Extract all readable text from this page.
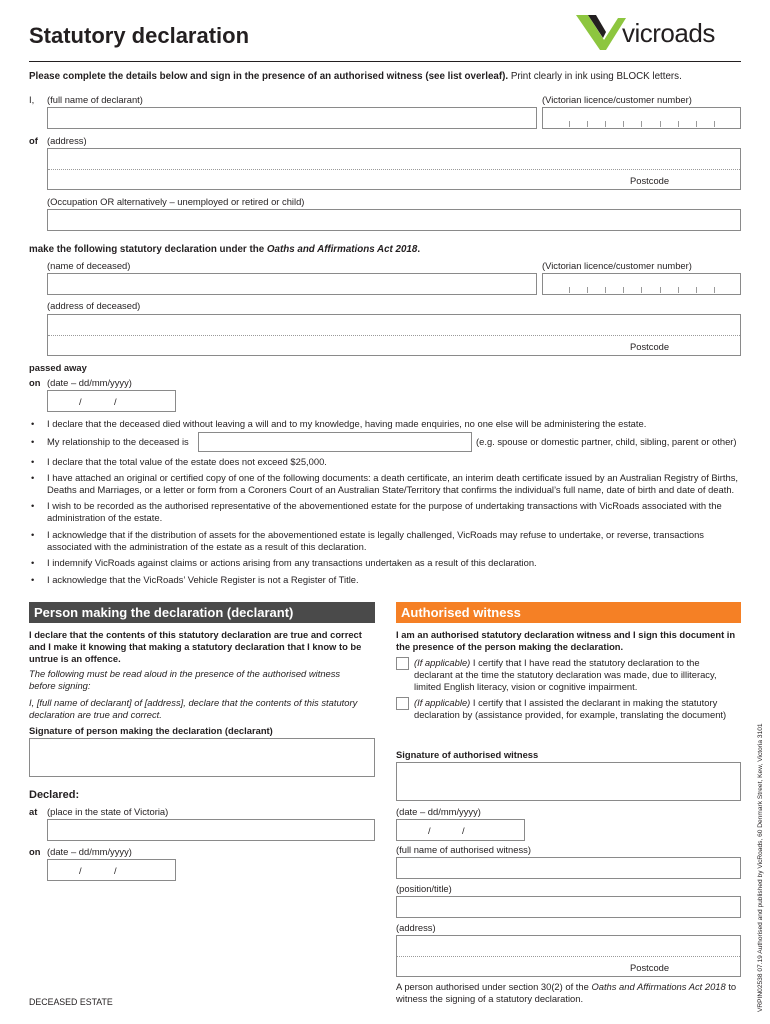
Statutory declaration	vicroads
Please complete the details below and sign in the presence of an authorised witness (see list overleaf). Print clearly in ink using BLOCK letters.
I, (full name of declarant)	(Victorian licence/customer number)
of (address)
Postcode
(Occupation OR alternatively – unemployed or retired or child)
make the following statutory declaration under the Oaths and Affirmations Act 2018.
(name of deceased)	(Victorian licence/customer number)
(address of deceased)
Postcode
passed away
on (date – dd/mm/yyyy)
/	/
• I declare that the deceased died without leaving a will and to my knowledge, having made enquiries, no one else will be administering the estate.
• My relationship to the deceased is	(e.g. spouse or domestic partner, child, sibling, parent or other)
• I declare that the total value of the estate does not exceed $25,000.
• I have attached an original or certified copy of one of the following documents: a death certificate, an interim death certificate issued by an Australian Registry of Births, Deaths and Marriages, or a letter or form from a Coroners Court of an Australian State/Territory that confirms the individual’s full name, date of birth and date of death.
• I wish to be recorded as the authorised representative of the abovementioned estate for the purpose of undertaking transactions with VicRoads associated with the administration of the estate.
• I acknowledge that if the distribution of assets for the abovementioned estate is legally challenged, VicRoads may refuse to undertake, or reverse, transactions associated with the administration of the estate as a result of this declaration.
• I indemnify VicRoads against claims or actions arising from any transactions undertaken as a result of this declaration.
• I acknowledge that the VicRoads’ Vehicle Register is not a Register of Title.
Person making the declaration (declarant)
I declare that the contents of this statutory declaration are true and correct and I make it knowing that making a statutory declaration that I know to be untrue is an offence.
The following must be read aloud in the presence of the authorised witness before signing:
I, [full name of declarant] of [address], declare that the contents of this statutory declaration are true and correct.
Signature of person making the declaration (declarant)
Declared:
at (place in the state of Victoria)
on (date – dd/mm/yyyy)
/	/
DECEASED ESTATE
Authorised witness
I am an authorised statutory declaration witness and I sign this document in the presence of the person making the declaration.
(If applicable) I certify that I have read the statutory declaration to the declarant at the time the statutory declaration was made, due to illiteracy, limited English literacy, vision or cognitive impairment.
(If applicable) I certify that I assisted the declarant in making the statutory declaration by (assistance provided, for example, translating the document)
Signature of authorised witness
(date – dd/mm/yyyy)
/	/
(full name of authorised witness)
(position/title)
(address)
Postcode
A person authorised under section 30(2) of the Oaths and Affirmations Act 2018 to witness the signing of a statutory declaration.	VRPIN02538 07.19 Authorised and published by VicRoads, 60 Denmark Street, Kew, Victoria 3101
